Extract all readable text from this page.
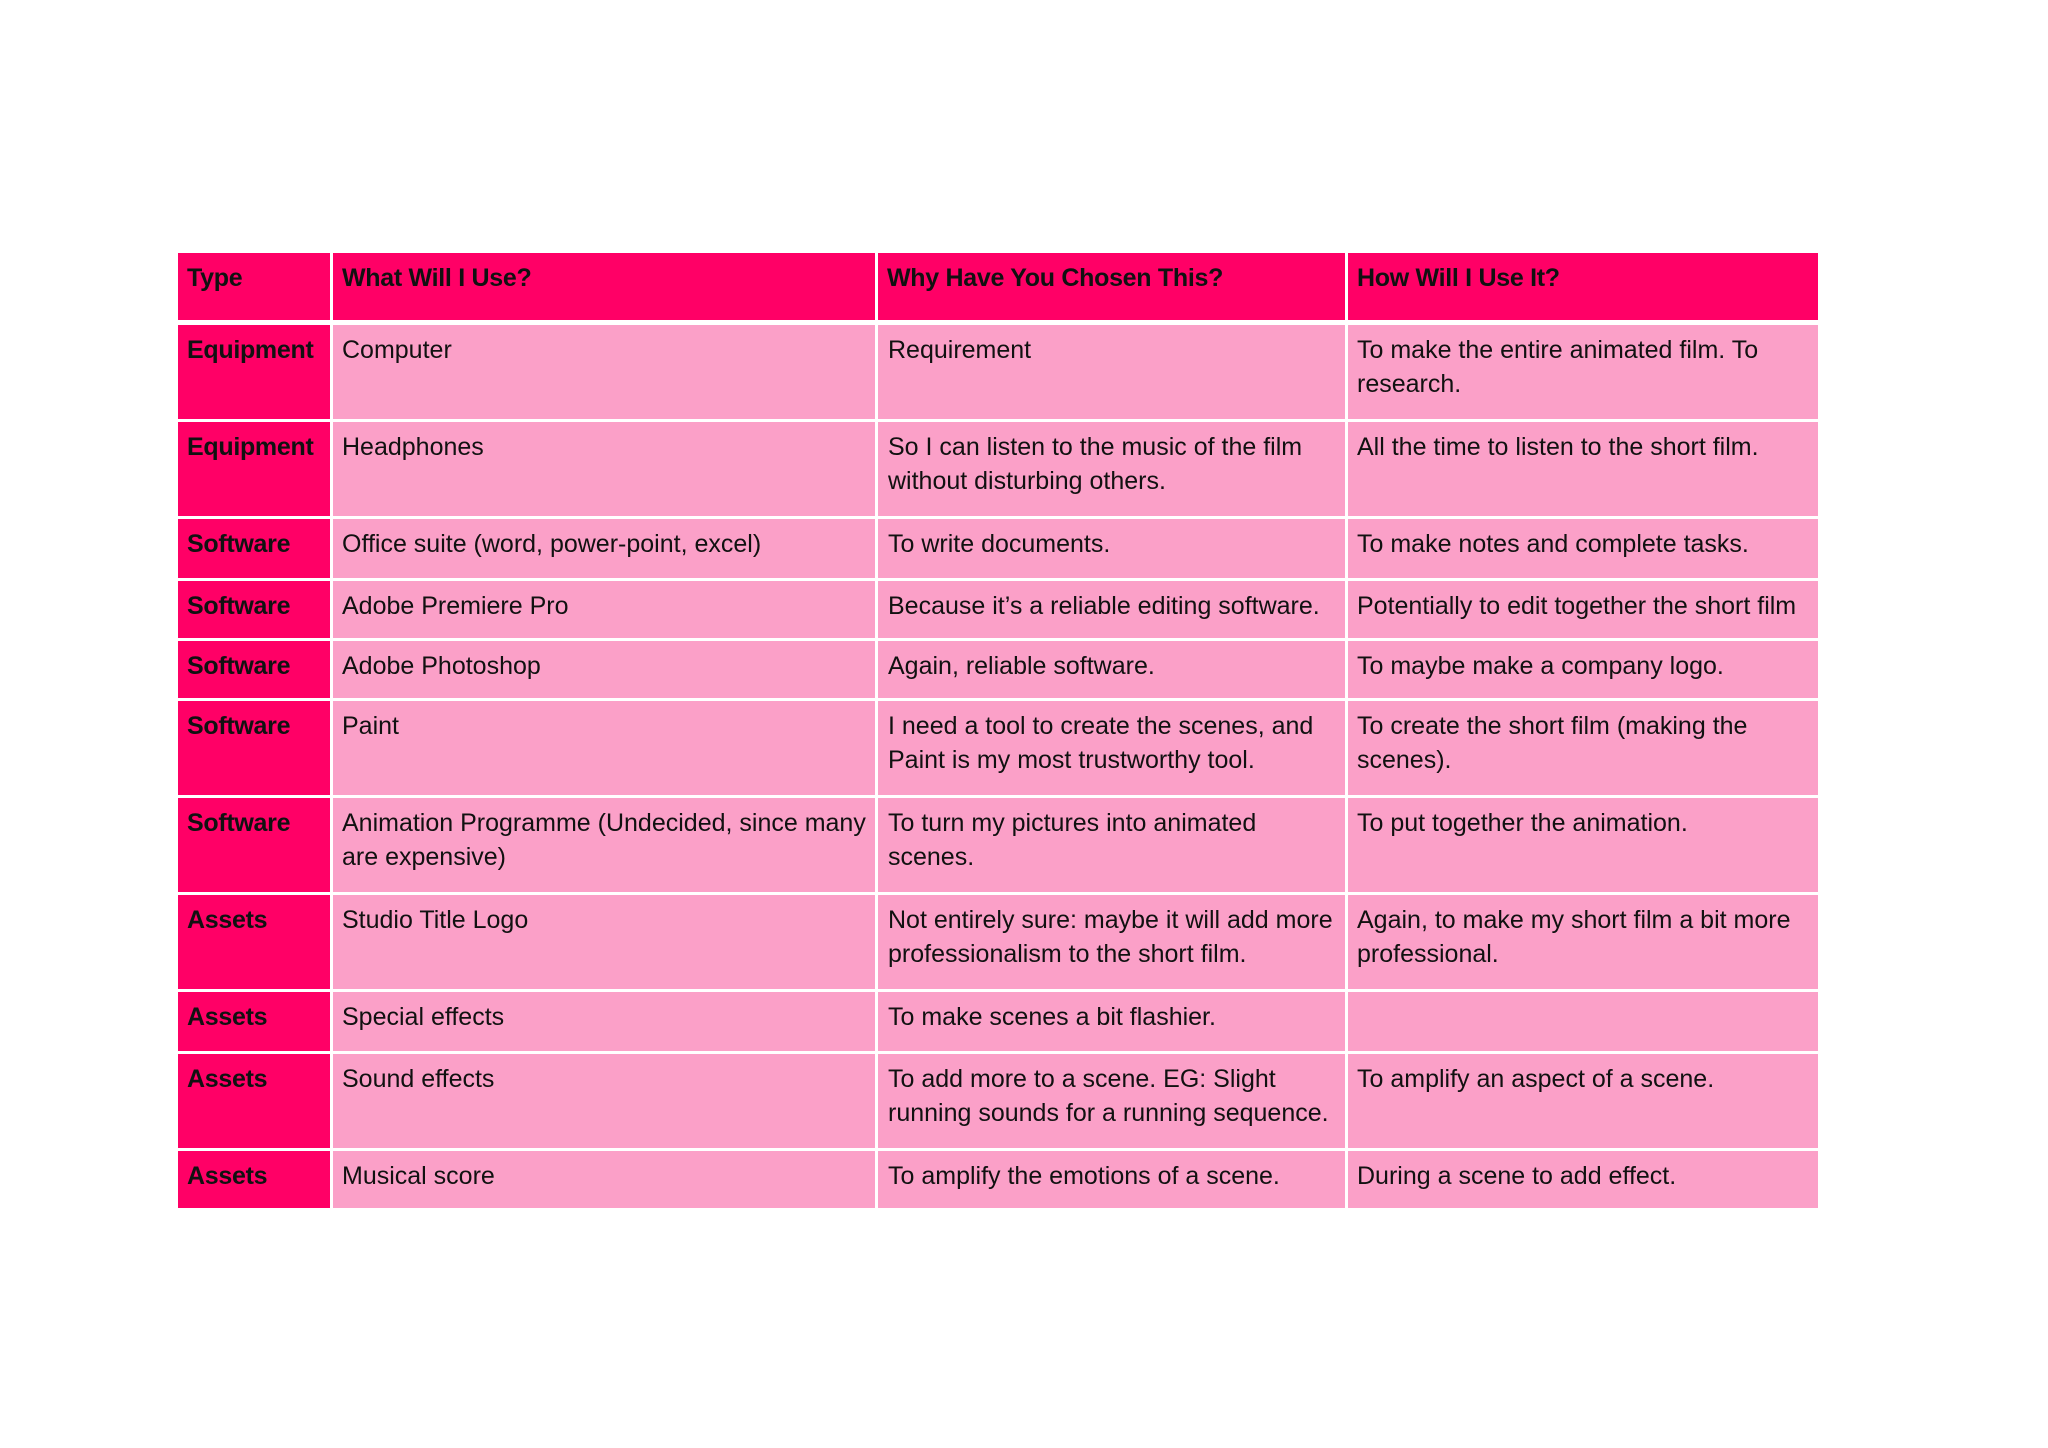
Type	What Will I Use?	Why Have You Chosen This?	How Will I Use It?
Equipment	Computer	Requirement	To make the entire animated film. To research.
Equipment	Headphones	So I can listen to the music of the film without disturbing others.	All the time to listen to the short film.
Software	Office suite (word, power-point, excel)	To write documents.	To make notes and complete tasks.
Software	Adobe Premiere Pro	Because it’s a reliable editing software.	Potentially to edit together the short film
Software	Adobe Photoshop	Again, reliable software.	To maybe make a company logo.
Software	Paint	I need a tool to create the scenes, and Paint is my most trustworthy tool.	To create the short film (making the scenes).
Software	Animation Programme (Undecided, since many are expensive)	To turn my pictures into animated scenes.	To put together the animation.
Assets	Studio Title Logo	Not entirely sure: maybe it will add more professionalism to the short film.	Again, to make my short film a bit more professional.
Assets	Special effects	To make scenes a bit flashier.	
Assets	Sound effects	To add more to a scene. EG: Slight running sounds for a running sequence.	To amplify an aspect of a scene.
Assets	Musical score	To amplify the emotions of a scene.	During a scene to add effect.
